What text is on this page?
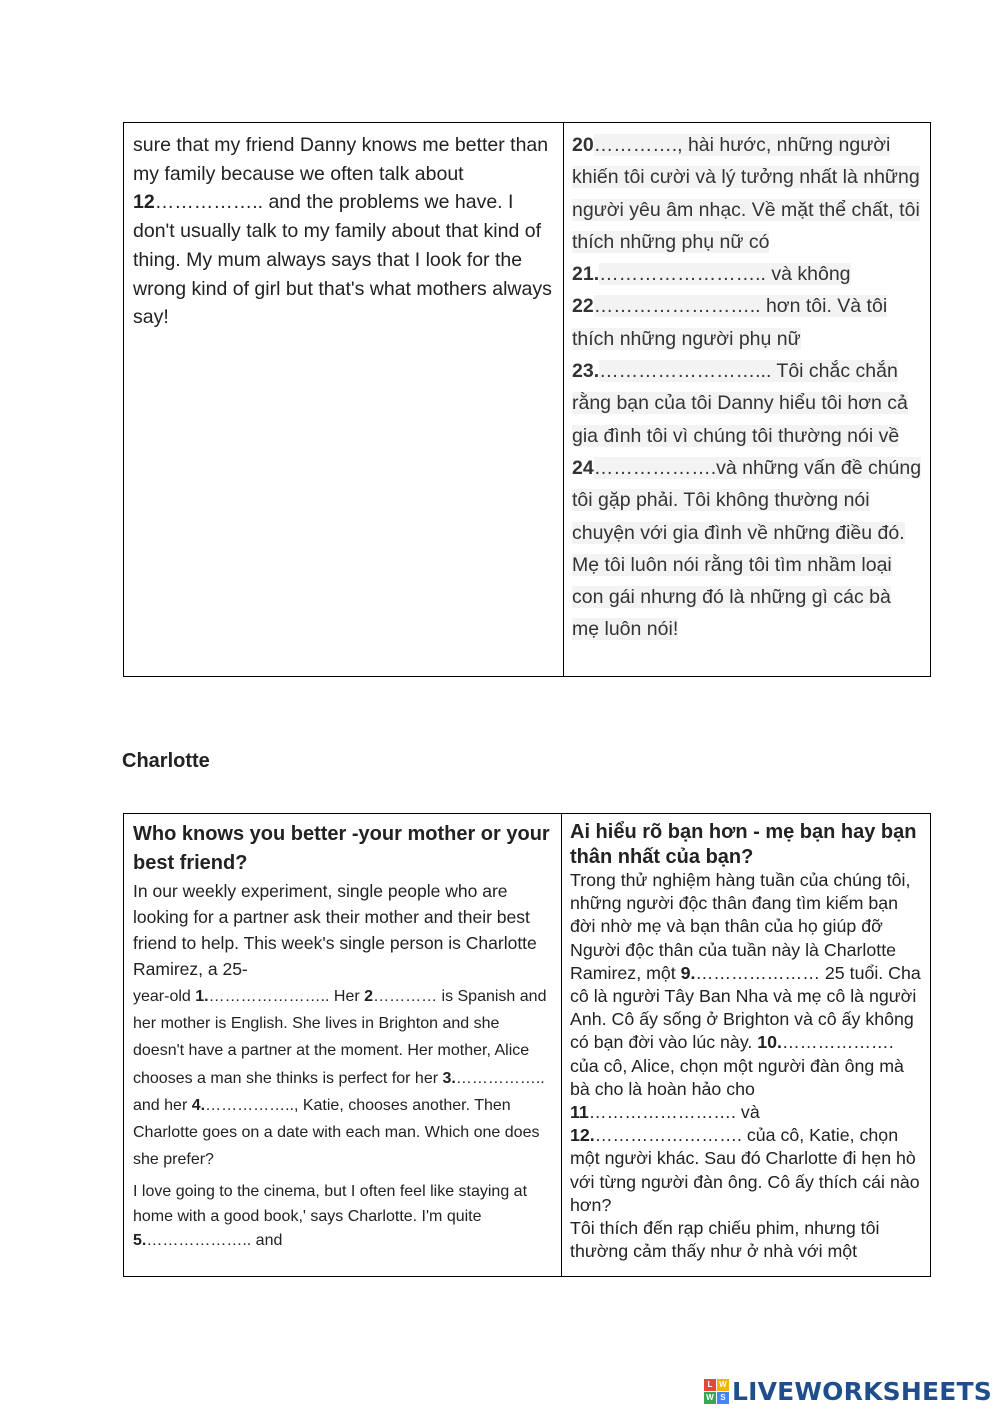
sure that my friend Danny knows me better than my family because we often talk about 12…………….. and the problems we have. I don't usually talk to my family about that kind of thing. My mum always says that I look for the wrong kind of girl but that's what mothers always say!

20…………., hài hước, những người khiến tôi cười và lý tưởng nhất là những người yêu âm nhạc. Về mặt thể chất, tôi thích những phụ nữ có 21.…………………….. và không 22…………………….. hơn tôi. Và tôi thích những người phụ nữ 23.……………………... Tôi chắc chắn rằng bạn của tôi Danny hiểu tôi hơn cả gia đình tôi vì chúng tôi thường nói về 24……………….và những vấn đề chúng tôi gặp phải. Tôi không thường nói chuyện với gia đình về những điều đó. Mẹ tôi luôn nói rằng tôi tìm nhầm loại con gái nhưng đó là những gì các bà mẹ luôn nói!
Charlotte
Who knows you better -your mother or your best friend?
In our weekly experiment, single people who are looking for a partner ask their mother and their best friend to help. This week's single person is Charlotte Ramirez, a 25-
year-old 1.………………….. Her 2………… is Spanish and her mother is English. She lives in Brighton and she doesn't have a partner at the moment. Her mother, Alice chooses a man she thinks is perfect for her 3.…………….. and her 4.…………….., Katie, chooses another. Then Charlotte goes on a date with each man. Which one does she prefer?
I love going to the cinema, but I often feel like staying at home with a good book,' says Charlotte. I'm quite 5.……………….. and

Ai hiểu rõ bạn hơn - mẹ bạn hay bạn thân nhất của bạn?
Trong thử nghiệm hàng tuần của chúng tôi, những người độc thân đang tìm kiếm bạn đời nhờ mẹ và bạn thân của họ giúp đỡ Người độc thân của tuần này là Charlotte Ramirez, một 9.………………… 25 tuổi. Cha cô là người Tây Ban Nha và mẹ cô là người Anh. Cô ấy sống ở Brighton và cô ấy không có bạn đời vào lúc này. 10.………………. của cô, Alice, chọn một người đàn ông mà bà cho là hoàn hảo cho 11……………………. và 12.……………………. của cô, Katie, chọn một người khác. Sau đó Charlotte đi hẹn hò với từng người đàn ông. Cô ấy thích cái nào hơn?
Tôi thích đến rạp chiếu phim, nhưng tôi thường cảm thấy như ở nhà với một
L W
W S LIVEWORKSHEETS
